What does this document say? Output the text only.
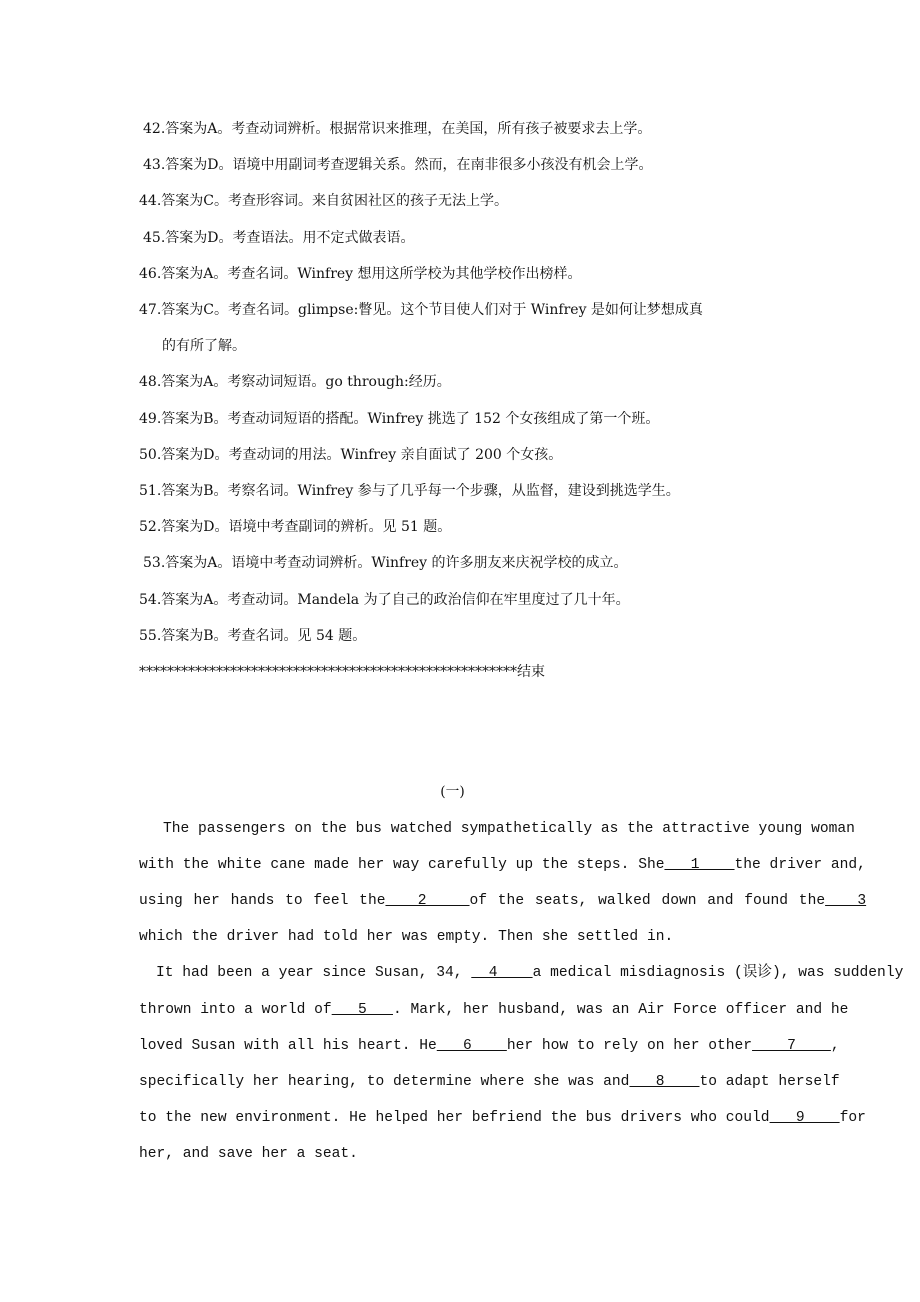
42.答案为A。考查动词辨析。根据常识来推理，在美国，所有孩子被要求去上学。
43.答案为D。语境中用副词考查逻辑关系。然而，在南非很多小孩没有机会上学。
44.答案为C。考查形容词。来自贫困社区的孩子无法上学。
45.答案为D。考查语法。用不定式做表语。
46.答案为A。考查名词。Winfrey 想用这所学校为其他学校作出榜样。
47.答案为C。考查名词。glimpse:瞥见。这个节目使人们对于 Winfrey 是如何让梦想成真
的有所了解。
48.答案为A。考察动词短语。go through:经历。
49.答案为B。考查动词短语的搭配。Winfrey 挑选了 152 个女孩组成了第一个班。
50.答案为D。考查动词的用法。Winfrey 亲自面试了 200 个女孩。
51.答案为B。考察名词。Winfrey 参与了几乎每一个步骤，从监督，建设到挑选学生。
52.答案为D。语境中考查副词的辨析。见 51 题。
53.答案为A。语境中考查动词辨析。Winfrey 的许多朋友来庆祝学校的成立。
54.答案为A。考查动词。Mandela 为了自己的政治信仰在牢里度过了几十年。
55.答案为B。考查名词。见 54 题。
******************************************************结束
(一)
The passengers on the bus watched sympathetically as the attractive young woman
with the white cane made her way carefully up the steps. She   1    the driver and,
using her hands to feel the   2    of the seats, walked down and found the   3
which the driver had told her was empty. Then she settled in.
It had been a year since Susan, 34,   4    a medical misdiagnosis (误诊), was suddenly
thrown into a world of   5   . Mark, her husband, was an Air Force officer and he
loved Susan with all his heart. He   6    her how to rely on her other    7    ,
specifically her hearing, to determine where she was and   8    to adapt herself
to the new environment. He helped her befriend the bus drivers who could   9    for
her, and save her a seat.
